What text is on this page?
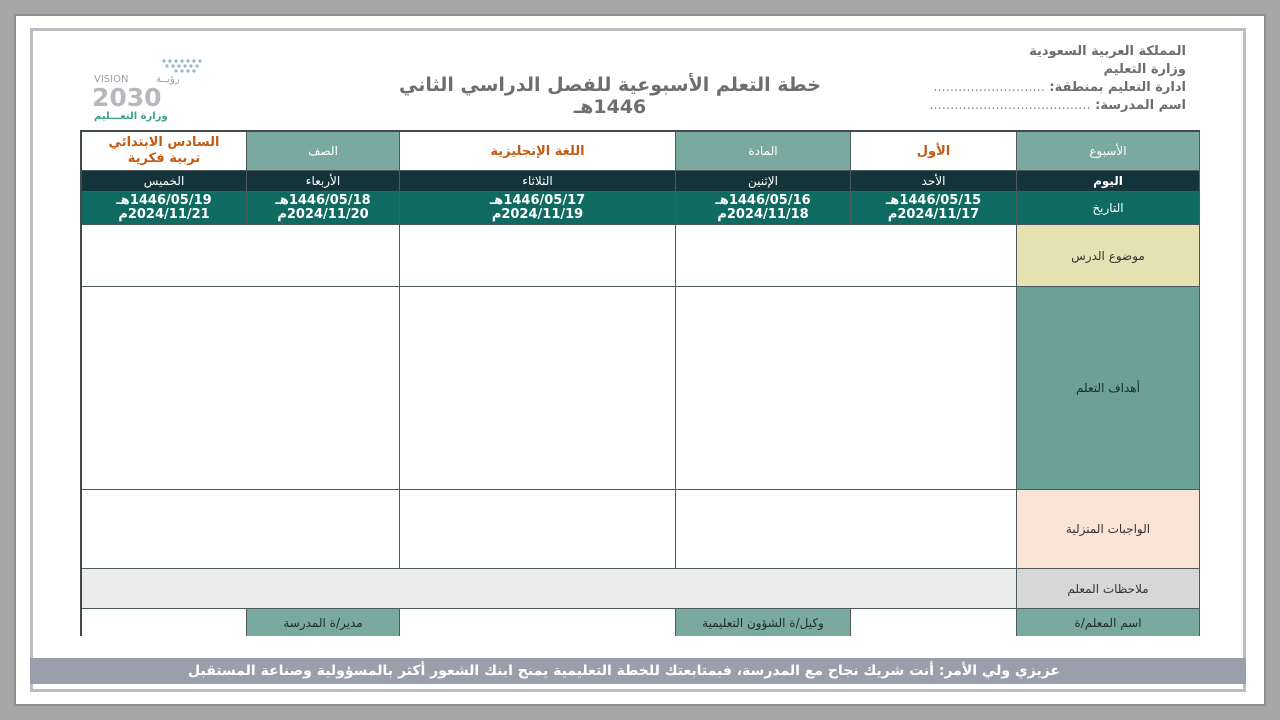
المملكة العربية السعودية
وزارة التعليم
ادارة التعليم بمنطقة: ...........................
اسم المدرسة: .......................................
خطة التعلم الأسبوعية للفصل الدراسي الثاني 1446هـ
VISION	رؤيــة
2030
وزارة التعـــليم
الأسبوع
الأول
المادة
اللغة الإنجليزية
الصف
السادس الابتدائي
تربية فكرية
اليوم
الأحد
الإثنين
الثلاثاء
الأربعاء
الخميس
التاريخ
1446/05/15هـ
2024/11/17م
1446/05/16هـ
2024/11/18م
1446/05/17هـ
2024/11/19م
1446/05/18هـ
2024/11/20م
1446/05/19هـ
2024/11/21م
موضوع الدرس
أهداف التعلم
الواجبات المنزلية
ملاحظات المعلم
اسم المعلم/ة
وكيل/ة الشؤون التعليمية
مدير/ة المدرسة
عزيزي ولي الأمر: أنت شريك نجاح مع المدرسة، فبمتابعتك للخطة التعليمية يمنح ابنك الشعور أكثر بالمسؤولية وصناعة المستقبل
